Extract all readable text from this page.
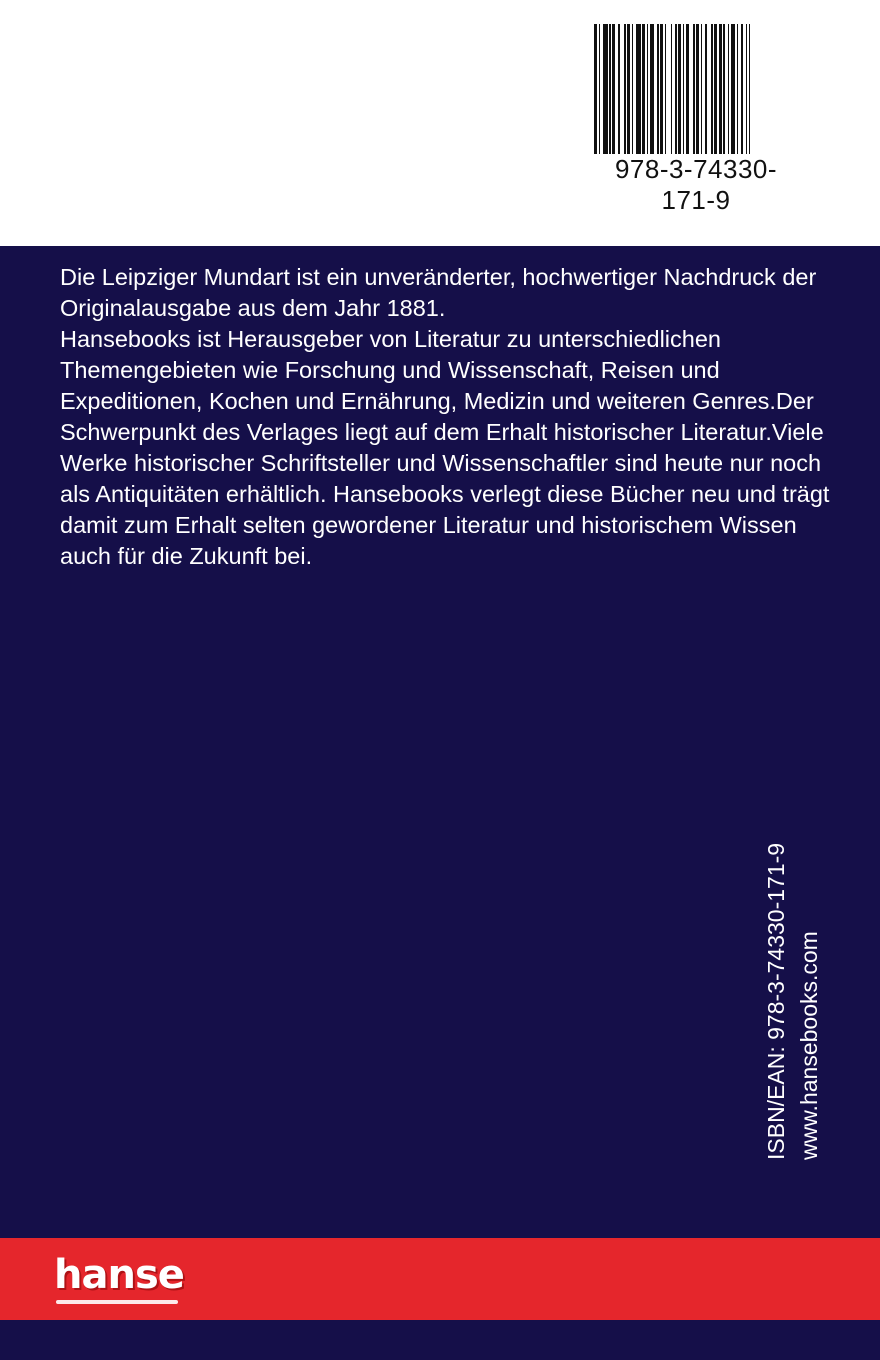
978-3-74330-171-9

Die Leipziger Mundart ist ein unveränderter, hochwertiger Nachdruck der Originalausgabe aus dem Jahr 1881.

Hansebooks ist Herausgeber von Literatur zu unterschiedlichen Themengebieten wie Forschung und Wissenschaft, Reisen und Expeditionen, Kochen und Ernährung, Medizin und weiteren Genres.Der Schwerpunkt des Verlages liegt auf dem Erhalt historischer Literatur.Viele Werke historischer Schriftsteller und Wissenschaftler sind heute nur noch als Antiquitäten erhältlich. Hansebooks verlegt diese Bücher neu und trägt damit zum Erhalt selten gewordener Literatur und historischem Wissen auch für die Zukunft bei.

ISBN/EAN: 978-3-74330-171-9 www.hansebooks.com
hanse
